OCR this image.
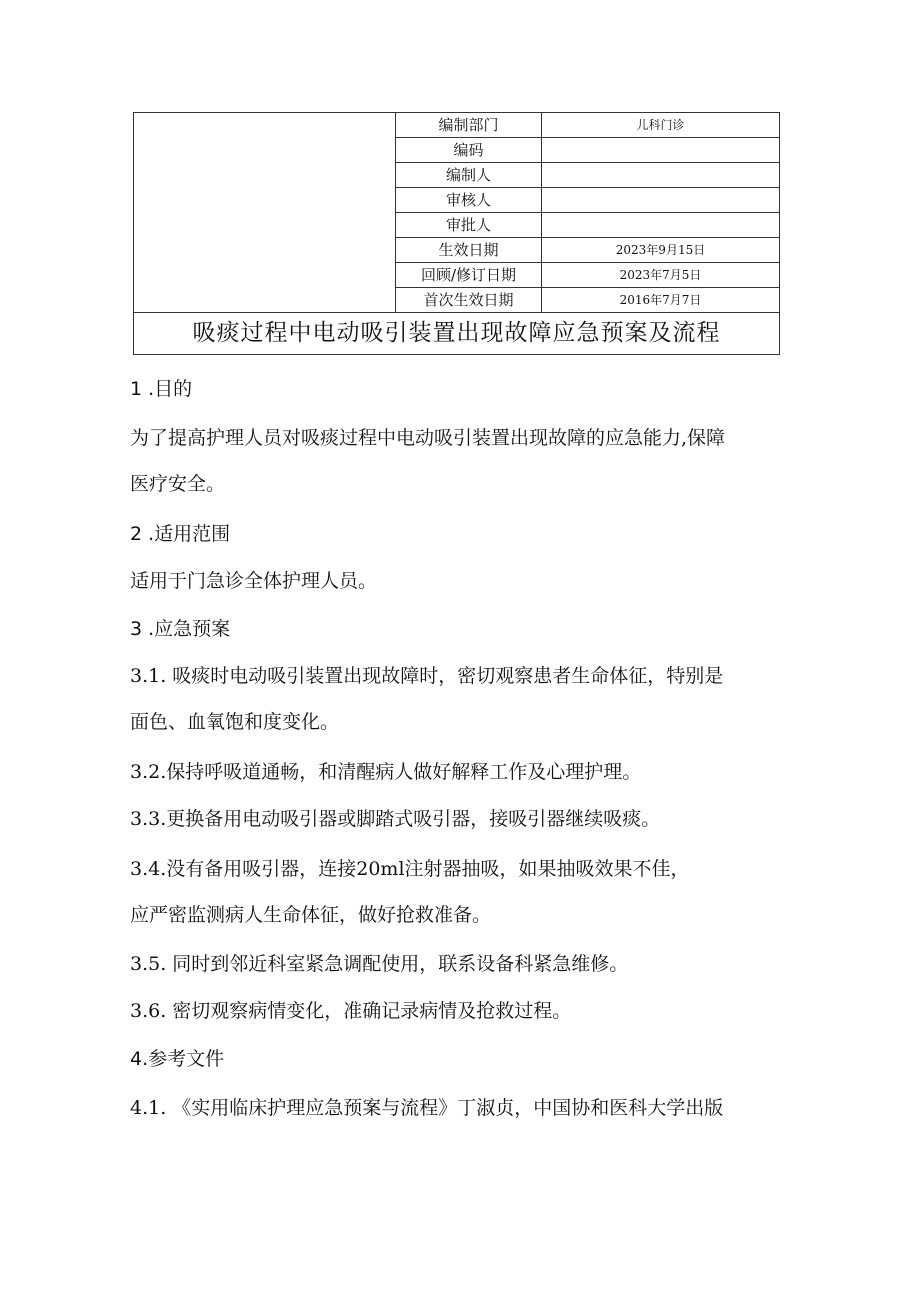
	编制部门	儿科门诊
	编码	
	编制人	
	审核人	
	审批人	
	生效日期	2023年9月15日
	回顾/修订日期	2023年7月5日
	首次生效日期	2016年7月7日
吸痰过程中电动吸引装置出现故障应急预案及流程		
1 .目的
为了提高护理人员对吸痰过程中电动吸引装置出现故障的应急能力,保障
医疗安全。
2 .适用范围
适用于门急诊全体护理人员。
3 .应急预案
3.1. 吸痰时电动吸引装置出现故障时，密切观察患者生命体征，特别是
面色、血氧饱和度变化。
3.2.保持呼吸道通畅，和清醒病人做好解释工作及心理护理。
3.3.更换备用电动吸引器或脚踏式吸引器，接吸引器继续吸痰。
3.4.没有备用吸引器，连接20ml注射器抽吸，如果抽吸效果不佳，
应严密监测病人生命体征，做好抢救准备。
3.5. 同时到邻近科室紧急调配使用，联系设备科紧急维修。
3.6. 密切观察病情变化，准确记录病情及抢救过程。
4.参考文件
4.1. 《实用临床护理应急预案与流程》丁淑贞，中国协和医科大学出版
